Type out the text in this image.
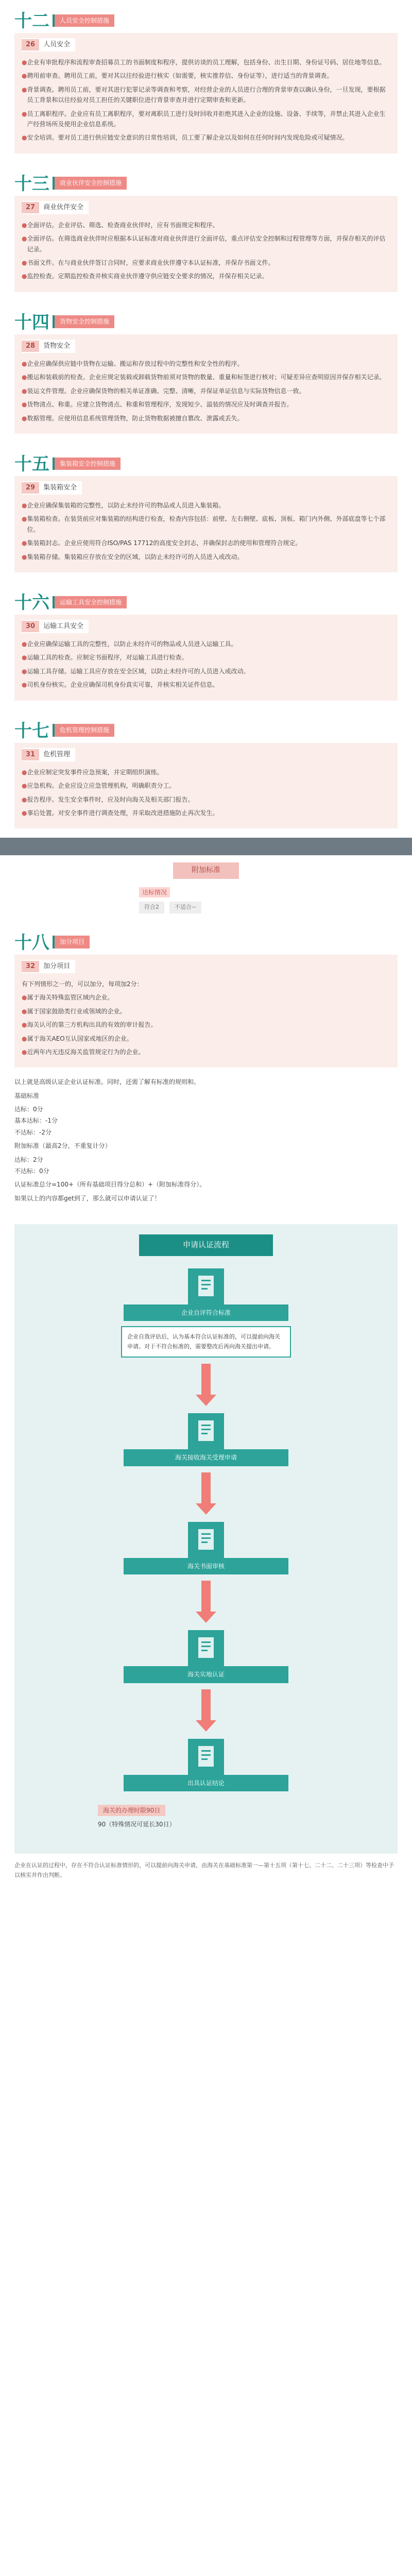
十二	人员安全控制措施
26	人员安全
● 企业有审批程序和流程审查招募员工的书面制度和程序，提供访谈的员工理解，包括身份、出生日期、身份证号码、居住地等信息。
● 聘用前审查。聘用员工前，要对其以往经验进行核实（如需要，核实推荐信、身份证等），进行适当的背景调查。
● 背景调查。聘用员工前，要对其进行犯罪记录等调查和考察，对经营企业的人员进行合理的背景审查以确认身份，一旦发现，要根据员工背景和以往经验对员工担任的关键职位进行背景审查并进行定期审查和更新。
● 员工离职程序。企业应有员工离职程序，要对离职员工进行及时回收并拒绝其进入企业的设施、设备、手续等，并禁止其进入企业生产经营场所及使用企业信息系统。
● 安全培训。要对员工进行供应链安全意识的日常性培训，员工要了解企业以及如何在任何时间内发现危险或可疑情况。
十三	商业伙伴安全控制措施
27	商业伙伴安全
● 全面评估。企业评估、筛选、检查商业伙伴时，应有书面规定和程序。
● 全面评估。在筛选商业伙伴时应根据本认证标准对商业伙伴进行全面评估，重点评估安全控制和过程管理等方面，并保存相关的评估记录。
● 书面文件。在与商业伙伴签订合同时，应要求商业伙伴遵守本认证标准，并保存书面文件。
● 监控检查。定期监控检查并核实商业伙伴遵守供应链安全要求的情况，并保存相关记录。
十四	货物安全控制措施
28	货物安全
● 企业应确保供应链中货物在运输、搬运和存放过程中的完整性和安全性的程序。
● 搬运和装载前的检查。企业应规定装载或卸载货物前须对货物的数量、重量和标签进行核对；可疑差异应查明原因并保存相关记录。
● 装运文件管理。企业应确保货物的相关单证准确、完整、清晰，并保证单证信息与实际货物信息一致。
● 货物清点、称重。应建立货物清点、称重和管理程序，发现短少、溢装的情况应及时调查并报告。
● 数据管理。应使用信息系统管理货物，防止货物数据被擅自篡改、泄露或丢失。
十五	集装箱安全控制措施
29	集装箱安全
● 企业应确保集装箱的完整性，以防止未经许可的物品或人员进入集装箱。
● 集装箱检查。在装货前应对集装箱的结构进行检查，检查内容包括：前壁、左右侧壁、底板、顶板、箱门内外侧、外部底盘等七个部位。
● 集装箱封志。企业应使用符合ISO/PAS 17712的高度安全封志，并确保封志的使用和管理符合规定。
● 集装箱存储。集装箱应存放在安全的区域，以防止未经许可的人员进入或改动。
十六	运输工具安全控制措施
30	运输工具安全
● 企业应确保运输工具的完整性，以防止未经许可的物品或人员进入运输工具。
● 运输工具的检查。应制定书面程序，对运输工具进行检查。
● 运输工具存储。运输工具应存放在安全区域，以防止未经许可的人员进入或改动。
● 司机身份核实。企业应确保司机身份真实可靠，并核实相关证件信息。
十七	危机管理控制措施
31	危机管理
● 企业应制定突发事件应急预案，并定期组织演练。
● 应急机构。企业应设立应急管理机构，明确职责分工。
● 报告程序。发生安全事件时，应及时向海关及相关部门报告。
● 事后处置。对安全事件进行调查处理，并采取改进措施防止再次发生。
附加标准
达标情况
符合2	不适合~
十八	加分项目
32	加分项目
有下列情形之一的，可以加分，每项加2分：
● 属于海关特殊监管区域内企业。
● 属于国家鼓励类行业或领域的企业。
● 海关认可的第三方机构出具的有效的审计报告。
● 属于海关AEO互认国家或地区的企业。
● 近两年内无违反海关监管规定行为的企业。

以上就是高级认证企业认证标准。同时，还需了解有标准的规则和。

基础标准

达标：0分

基本达标：-1分

不达标：-2分

附加标准（最高2分，不重复计分）

达标：2分

不达标：0分

认证标准总分=100+（所有基础项目得分总和）+（附加标准得分）。

如果以上的内容都get到了，那么就可以申请认证了！

申请认证流程
企业自评符合标准
企业自我评估后，认为基本符合认证标准的，可以提前向海关申请。对于不符合标准的，需要整改后再向海关提出申请。
海关接收海关受理申请
海关书面审核
海关实地认证
出具认证结论
海关的办理时限90日
90（特殊情况可延长30日）
企业在认证的过程中，存在不符合认证标准情形的，可以提前向海关申请，由海关在基础标准第一—第十五项（第十七、二十二、二十三项）等检查中予以核实并作出判断。
